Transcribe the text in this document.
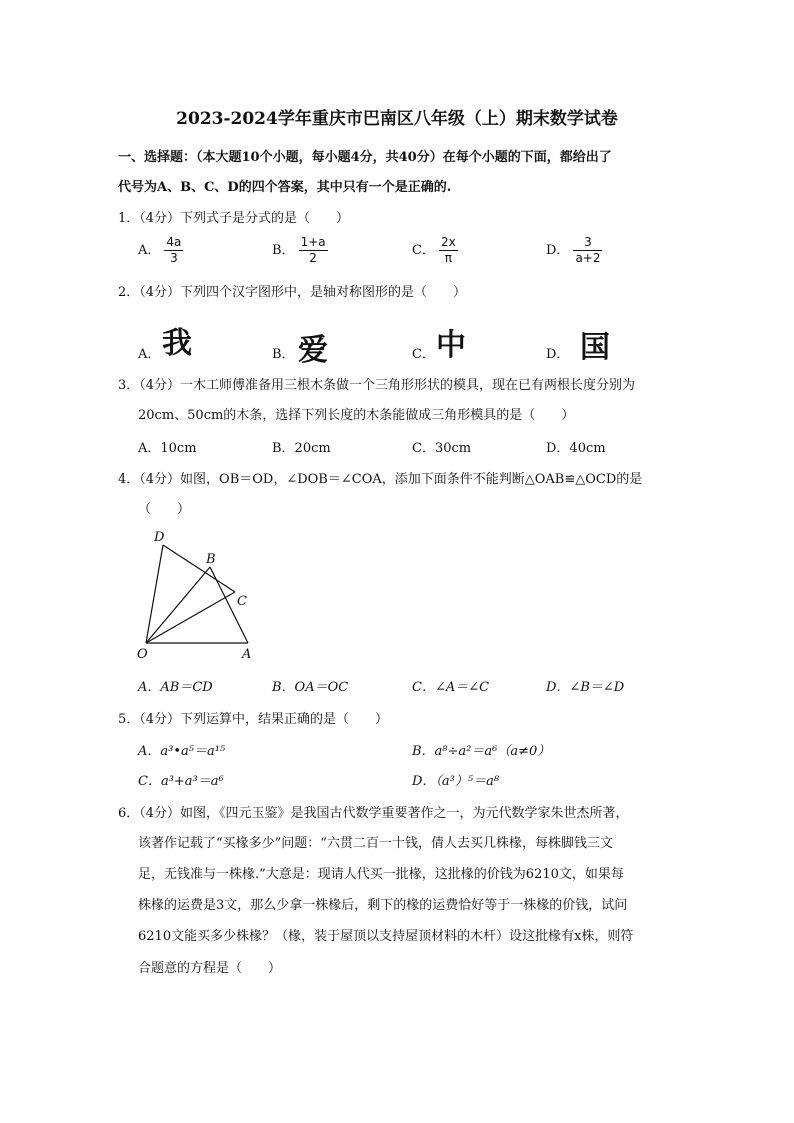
2023-2024学年重庆市巴南区八年级（上）期末数学试卷
一、选择题：（本大题10个小题，每小题4分，共40分）在每个小题的下面，都给出了
代号为A、B、C、D的四个答案，其中只有一个是正确的.
1．（4分）下列式子是分式的是（　　）
A． $\frac{4a}{3}$	B． $\frac{1+a}{2}$	C． $\frac{2x}{\pi}$	D． $\frac{3}{a+2}$
2．（4分）下列四个汉字图形中，是轴对称图形的是（　　）
A． 我	B． 爱	C． 中	D． 国
3．（4分）一木工师傅准备用三根木条做一个三角形形状的模具，现在已有两根长度分别为
20cm、50cm的木条，选择下列长度的木条能做成三角形模具的是（　　）
A．10cm	B．20cm	C．30cm	D．40cm
4．（4分）如图，OB＝OD，∠DOB＝∠COA，添加下面条件不能判断△OAB≌△OCD的是
（　　）
D
B
C
O	A
A．AB＝CD	B．OA＝OC	C．∠A＝∠C	D．∠B＝∠D
5．（4分）下列运算中，结果正确的是（　　）
A．a³•a⁵＝a¹⁵	B．a⁸÷a²＝a⁶（a≠0）
C．a³+a³＝a⁶	D．（a³）⁵＝a⁸
6．（4分）如图，《四元玉鉴》是我国古代数学重要著作之一，为元代数学家朱世杰所著，
该著作记载了“买椽多少”问题：“六贯二百一十钱，倩人去买几株椽，每株脚钱三文
足，无钱准与一株椽.”大意是：现请人代买一批椽，这批椽的价钱为6210文，如果每
株椽的运费是3文，那么少拿一株椽后，剩下的椽的运费恰好等于一株椽的价钱，试问
6210文能买多少株椽？（椽，装于屋顶以支持屋顶材料的木杆）设这批椽有x株，则符
合题意的方程是（　　）
